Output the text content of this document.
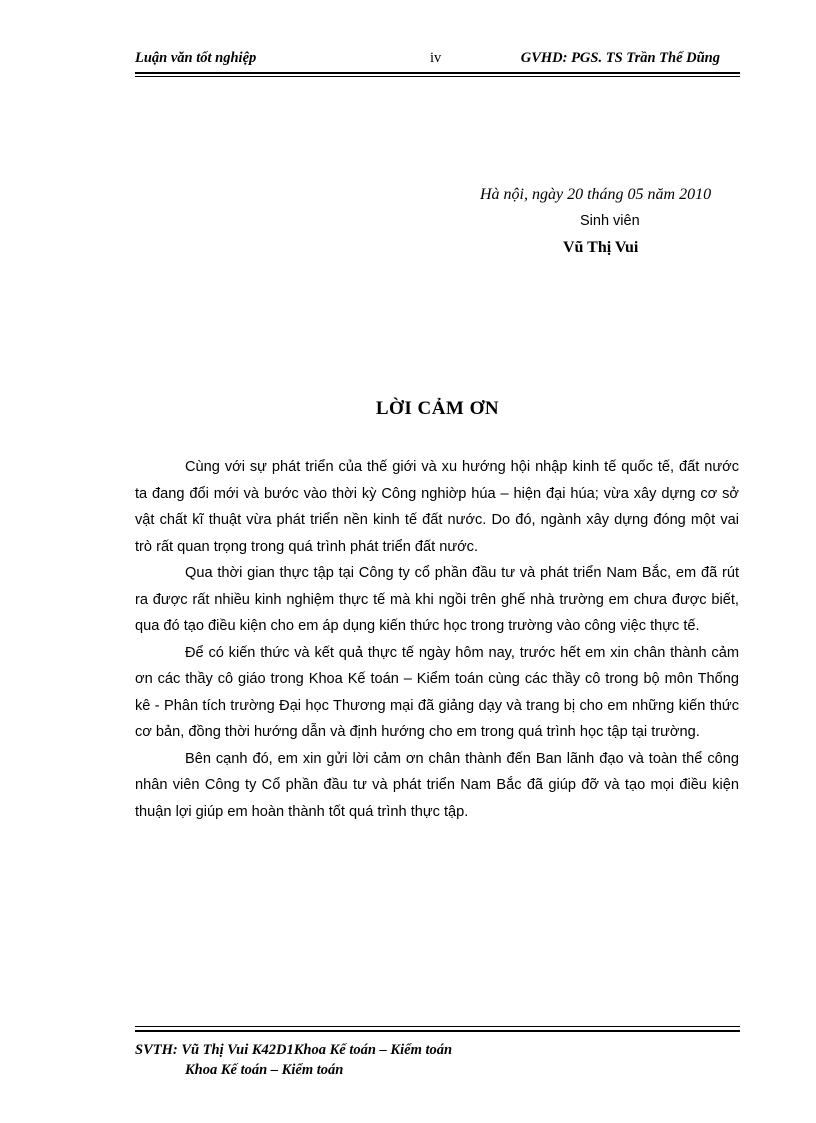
Luận văn tốt nghiệp	iv	GVHD: PGS. TS Trần Thế Dũng
Hà nội, ngày 20 tháng 05 năm 2010
Sinh viên
Vũ Thị Vui
LỜI CẢM ƠN

Cùng với sự phát triển của thế giới và xu hướng hội nhập kinh tế quốc tế, đất nước ta đang đổi mới và bước vào thời kỳ Công nghiờp húa – hiện đại húa; vừa xây dựng cơ sở vật chất kĩ thuật vừa phát triển nền kinh tế đất nước. Do đó, ngành xây dựng đóng một vai trò rất quan trọng trong quá trình phát triển đất nước.

Qua thời gian thực tập tại Công ty cổ phần đầu tư và phát triển Nam Bắc, em đã rút ra được rất nhiều kinh nghiệm thực tế mà khi ngồi trên ghế nhà trường em chưa được biết, qua đó tạo điều kiện cho em áp dụng kiến thức học trong trường vào công việc thực tế.

Để có kiến thức và kết quả thực tế ngày hôm nay, trước hết em xin chân thành cảm ơn các thầy cô giáo trong Khoa Kế toán – Kiểm toán cùng các thầy cô trong bộ môn Thống kê - Phân tích trường Đại học Thương mại đã giảng dạy và trang bị cho em những kiến thức cơ bản, đồng thời hướng dẫn và định hướng cho em trong quá trình học tập tại trường.

Bên cạnh đó, em xin gửi lời cảm ơn chân thành đến Ban lãnh đạo và toàn thể công nhân viên Công ty Cổ phần đầu tư và phát triển Nam Bắc đã giúp đỡ và tạo mọi điều kiện thuận lợi giúp em hoàn thành tốt quá trình thực tập.

SVTH: Vũ Thị Vui K42D1Khoa Kế toán – Kiểm toán
Khoa Kế toán – Kiểm toán
